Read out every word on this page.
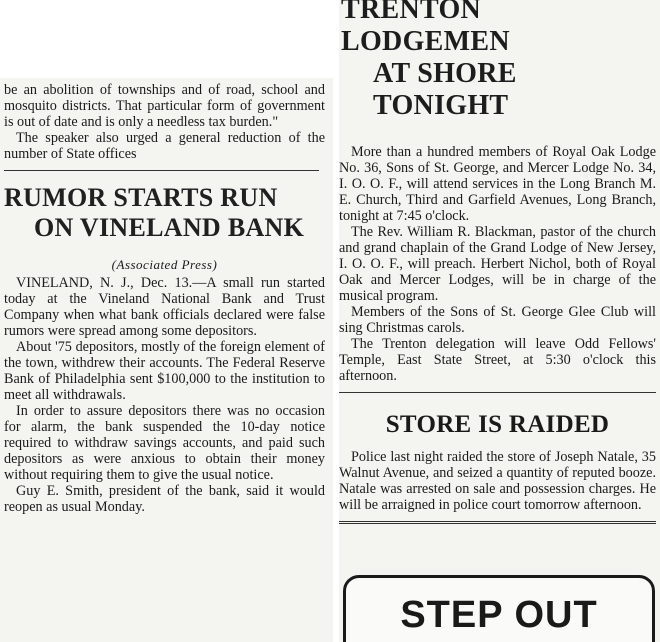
be an abolition of townships and of road, school and mosquito districts. That particular form of government is out of date and is only a needless tax burden."

The speaker also urged a general reduction of the number of State offices

RUMOR STARTS RUN
ON VINELAND BANK
(Associated Press)

VINELAND, N. J., Dec. 13.—A small run started today at the Vineland National Bank and Trust Company when what bank officials declared were false rumors were spread among some depositors.

About '75 depositors, mostly of the foreign element of the town, withdrew their accounts. The Federal Reserve Bank of Philadelphia sent $100,000 to the institution to meet all withdrawals.

In order to assure depositors there was no occasion for alarm, the bank suspended the 10-day notice required to withdraw savings accounts, and paid such depositors as were anxious to obtain their money without requiring them to give the usual notice.

Guy E. Smith, president of the bank, said it would reopen as usual Monday.

TRENTON LODGEMEN
AT SHORE TONIGHT

More than a hundred members of Royal Oak Lodge No. 36, Sons of St. George, and Mercer Lodge No. 34, I. O. O. F., will attend services in the Long Branch M. E. Church, Third and Garfield Avenues, Long Branch, tonight at 7:45 o'clock.

The Rev. William R. Blackman, pastor of the church and grand chaplain of the Grand Lodge of New Jersey, I. O. O. F., will preach. Herbert Nichol, both of Royal Oak and Mercer Lodges, will be in charge of the musical program.

Members of the Sons of St. George Glee Club will sing Christmas carols.

The Trenton delegation will leave Odd Fellows' Temple, East State Street, at 5:30 o'clock this afternoon.

STORE IS RAIDED

Police last night raided the store of Joseph Natale, 35 Walnut Avenue, and seized a quantity of reputed booze. Natale was arrested on sale and possession charges. He will be arraigned in police court tomorrow afternoon.

STEP OUT
